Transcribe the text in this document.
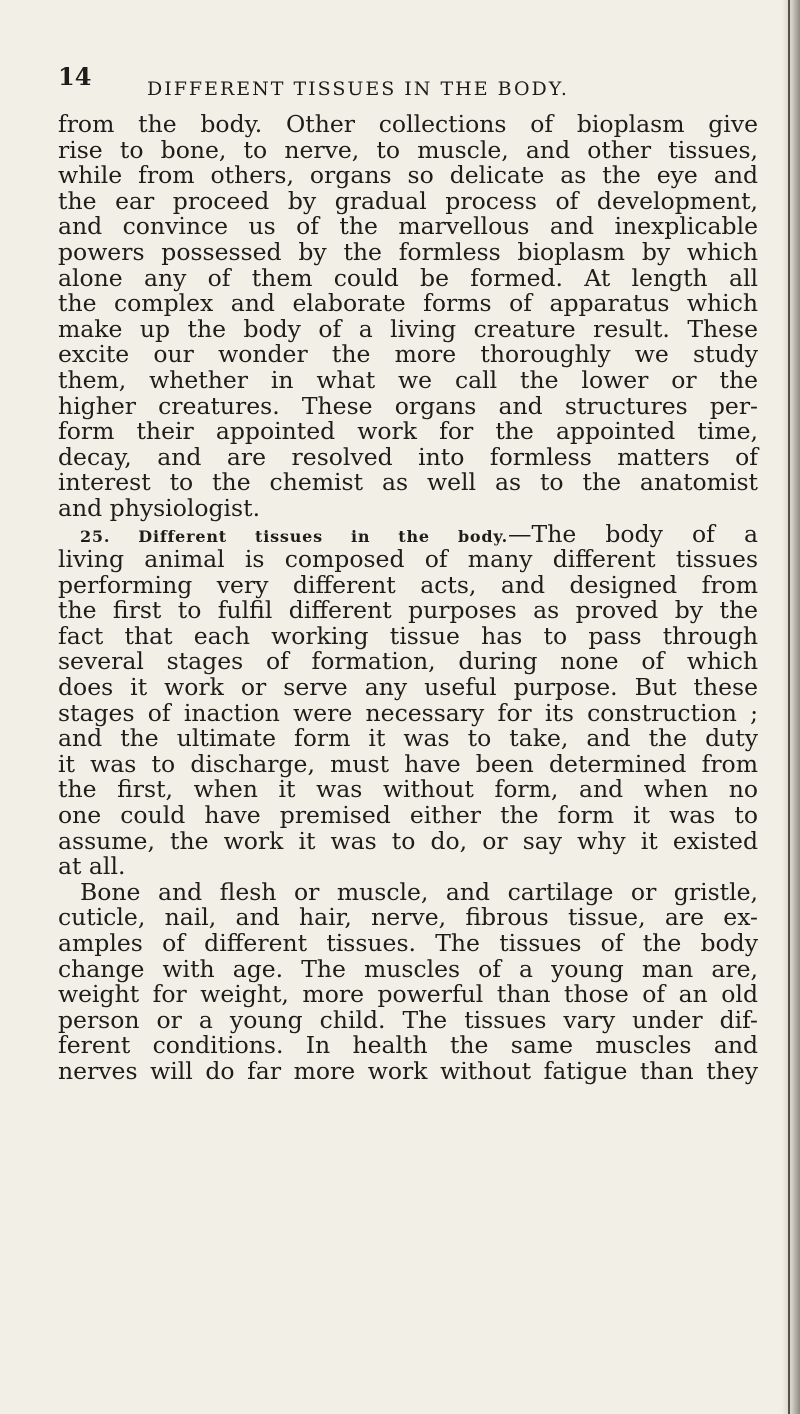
14	DIFFERENT TISSUES IN THE BODY.
from the body. Other collections of bioplasm give
rise to bone, to nerve, to muscle, and other tissues,
while from others, organs so delicate as the eye and
the ear proceed by gradual process of development,
and convince us of the marvellous and inexplicable
powers possessed by the formless bioplasm by which
alone any of them could be formed. At length all
the complex and elaborate forms of apparatus which
make up the body of a living creature result. These
excite our wonder the more thoroughly we study
them, whether in what we call the lower or the
higher creatures. These organs and structures per-
form their appointed work for the appointed time,
decay, and are resolved into formless matters of
interest to the chemist as well as to the anatomist
and physiologist.
25. Different tissues in the body.—The body of a
living animal is composed of many different tissues
performing very different acts, and designed from
the first to fulfil different purposes as proved by the
fact that each working tissue has to pass through
several stages of formation, during none of which
does it work or serve any useful purpose. But these
stages of inaction were necessary for its construction ;
and the ultimate form it was to take, and the duty
it was to discharge, must have been determined from
the first, when it was without form, and when no
one could have premised either the form it was to
assume, the work it was to do, or say why it existed
at all.
Bone and flesh or muscle, and cartilage or gristle,
cuticle, nail, and hair, nerve, fibrous tissue, are ex-
amples of different tissues. The tissues of the body
change with age. The muscles of a young man are,
weight for weight, more powerful than those of an old
person or a young child. The tissues vary under dif-
ferent conditions. In health the same muscles and
nerves will do far more work without fatigue than they
